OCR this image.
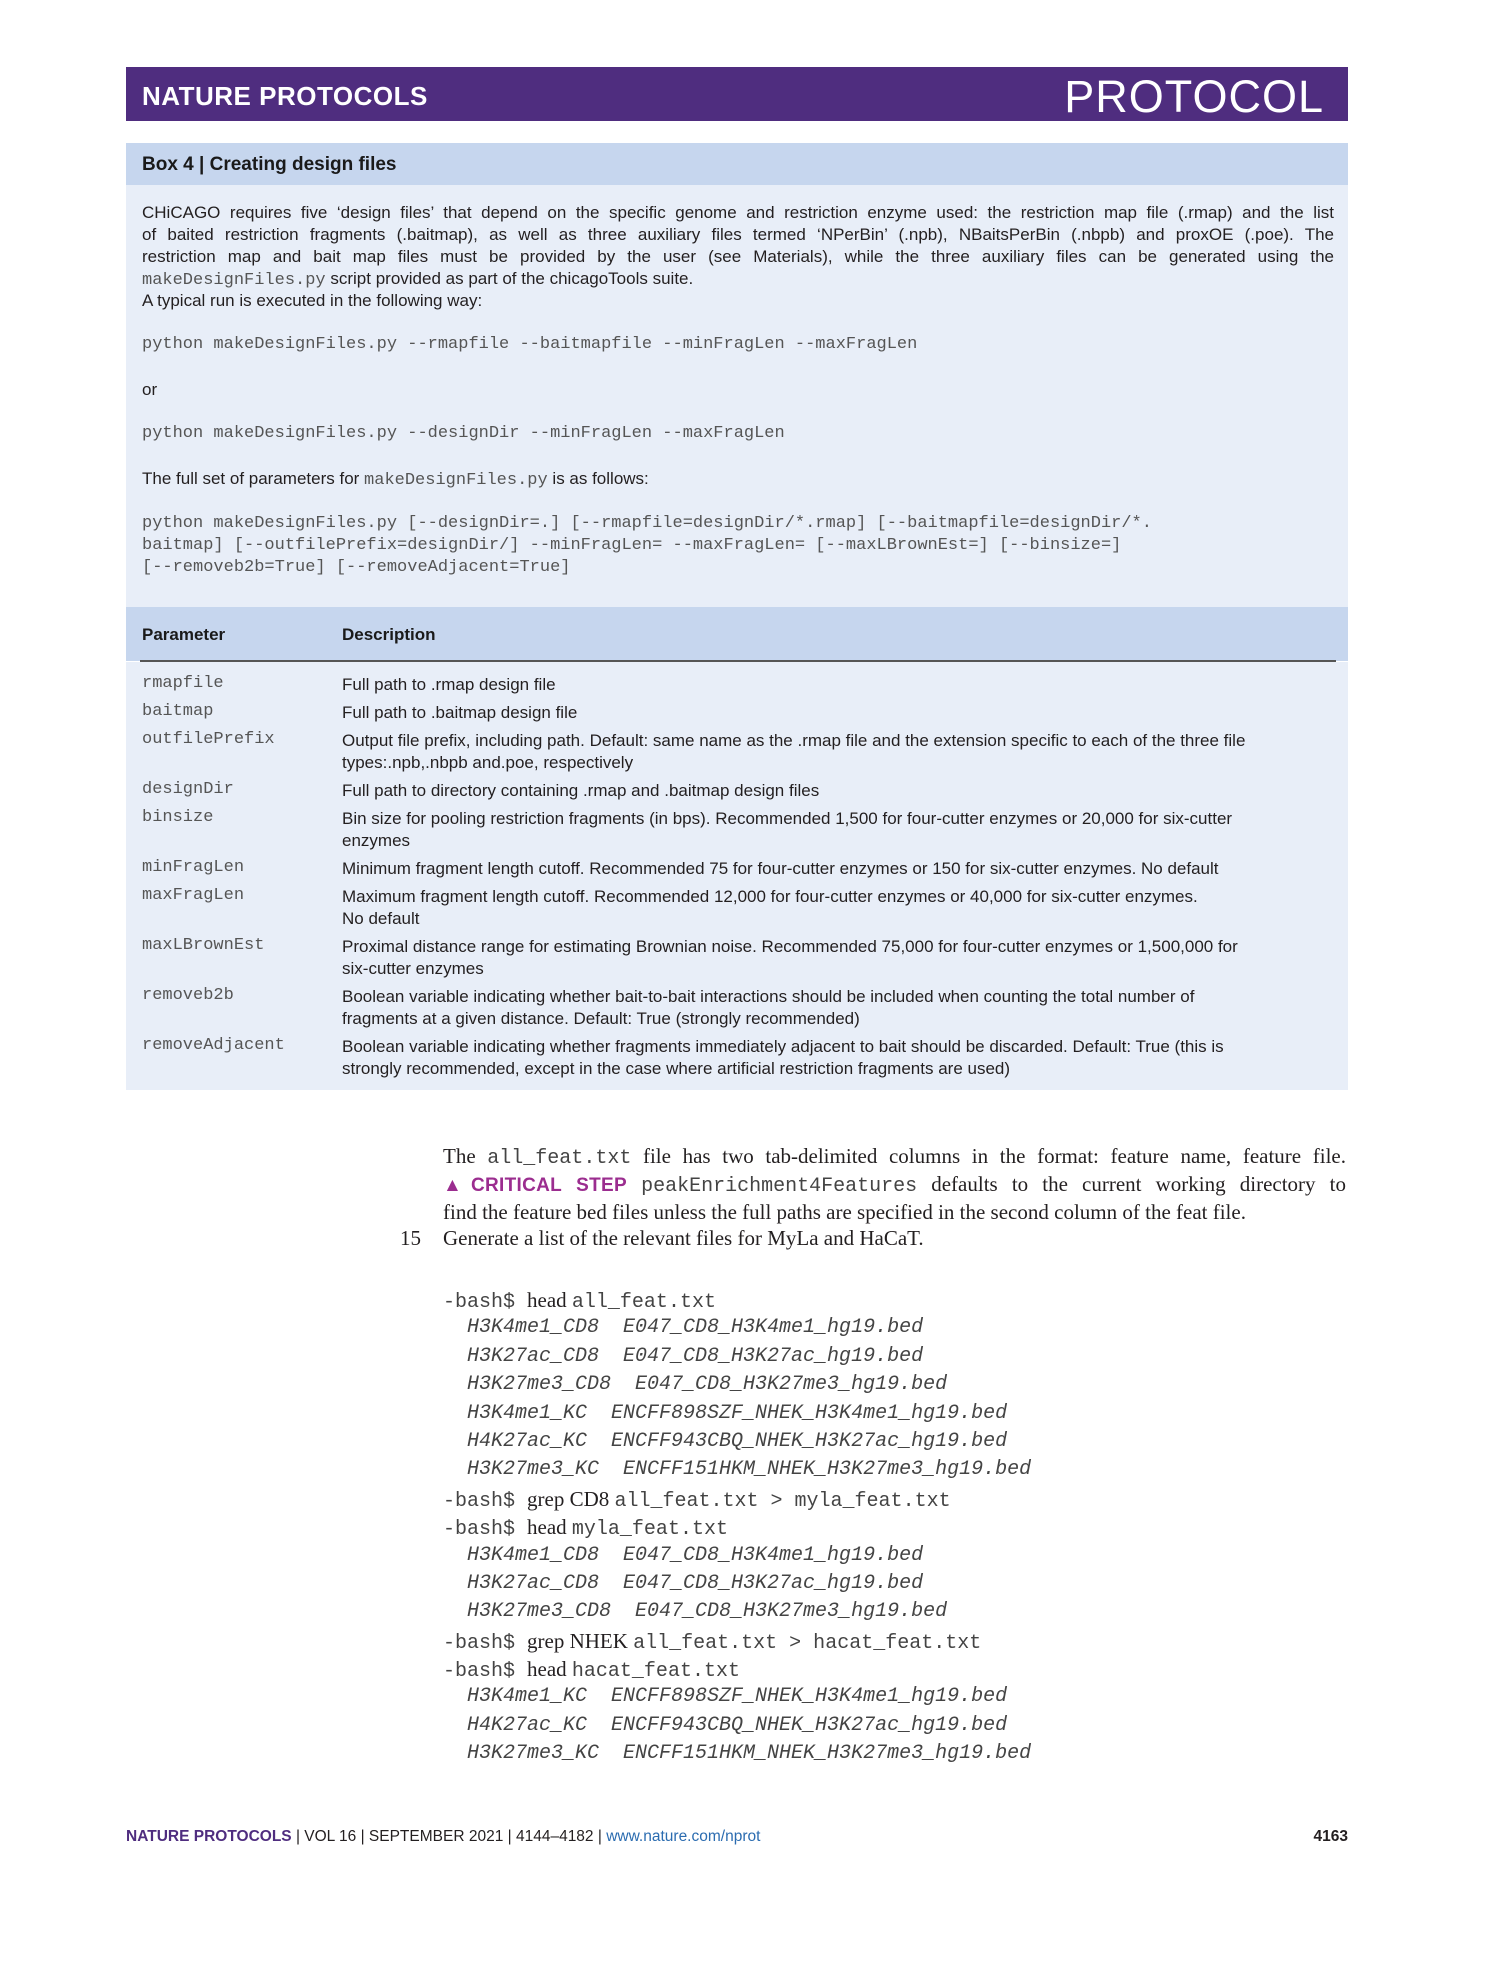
NATURE PROTOCOLS	PROTOCOL
Box 4 | Creating design files
CHiCAGO requires five ‘design files’ that depend on the specific genome and restriction enzyme used: the restriction map file (.rmap) and the list
of baited restriction fragments (.baitmap), as well as three auxiliary files termed ‘NPerBin’ (.npb), NBaitsPerBin (.nbpb) and proxOE (.poe). The
restriction map and bait map files must be provided by the user (see Materials), while the three auxiliary files can be generated using the
makeDesignFiles.py script provided as part of the chicagoTools suite.
A typical run is executed in the following way:
python makeDesignFiles.py --rmapfile --baitmapfile --minFragLen --maxFragLen
or
python makeDesignFiles.py --designDir --minFragLen --maxFragLen
The full set of parameters for makeDesignFiles.py is as follows:
python makeDesignFiles.py [--designDir=.] [--rmapfile=designDir/*.rmap] [--baitmapfile=designDir/*.
baitmap] [--outfilePrefix=designDir/] --minFragLen= --maxFragLen= [--maxLBrownEst=] [--binsize=]
[--removeb2b=True] [--removeAdjacent=True]
Parameter	Description
rmapfile	Full path to .rmap design file
baitmap	Full path to .baitmap design file
outfilePrefix	Output file prefix, including path. Default: same name as the .rmap file and the extension specific to each of the three file
types:.npb,.nbpb and.poe, respectively
designDir	Full path to directory containing .rmap and .baitmap design files
binsize	Bin size for pooling restriction fragments (in bps). Recommended 1,500 for four-cutter enzymes or 20,000 for six-cutter
enzymes
minFragLen	Minimum fragment length cutoff. Recommended 75 for four-cutter enzymes or 150 for six-cutter enzymes. No default
maxFragLen	Maximum fragment length cutoff. Recommended 12,000 for four-cutter enzymes or 40,000 for six-cutter enzymes.
No default
maxLBrownEst	Proximal distance range for estimating Brownian noise. Recommended 75,000 for four-cutter enzymes or 1,500,000 for
six-cutter enzymes
removeb2b	Boolean variable indicating whether bait-to-bait interactions should be included when counting the total number of
fragments at a given distance. Default: True (strongly recommended)
removeAdjacent	Boolean variable indicating whether fragments immediately adjacent to bait should be discarded. Default: True (this is
strongly recommended, except in the case where artificial restriction fragments are used)
The all_feat.txt file has two tab-delimited columns in the format: feature name, feature file.
▲CRITICAL STEP peakEnrichment4Features defaults to the current working directory to
find the feature bed files unless the full paths are specified in the second column of the feat file.
15 Generate a list of the relevant files for MyLa and HaCaT.
-bash$ head all_feat.txt
H3K4me1_CD8  E047_CD8_H3K4me1_hg19.bed
H3K27ac_CD8  E047_CD8_H3K27ac_hg19.bed
H3K27me3_CD8  E047_CD8_H3K27me3_hg19.bed
H3K4me1_KC  ENCFF898SZF_NHEK_H3K4me1_hg19.bed
H4K27ac_KC  ENCFF943CBQ_NHEK_H3K27ac_hg19.bed
H3K27me3_KC  ENCFF151HKM_NHEK_H3K27me3_hg19.bed
-bash$ grep CD8 all_feat.txt > myla_feat.txt
-bash$ head myla_feat.txt
H3K4me1_CD8  E047_CD8_H3K4me1_hg19.bed
H3K27ac_CD8  E047_CD8_H3K27ac_hg19.bed
H3K27me3_CD8  E047_CD8_H3K27me3_hg19.bed
-bash$ grep NHEK all_feat.txt > hacat_feat.txt
-bash$ head hacat_feat.txt
H3K4me1_KC  ENCFF898SZF_NHEK_H3K4me1_hg19.bed
H4K27ac_KC  ENCFF943CBQ_NHEK_H3K27ac_hg19.bed
H3K27me3_KC  ENCFF151HKM_NHEK_H3K27me3_hg19.bed
NATURE PROTOCOLS | VOL 16 | SEPTEMBER 2021 | 4144–4182 | www.nature.com/nprot	4163
